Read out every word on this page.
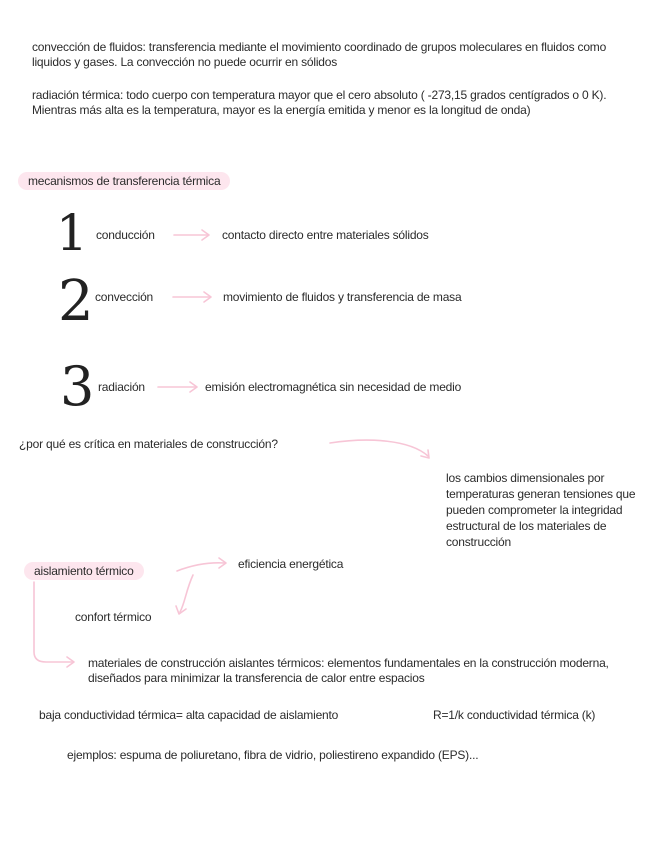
convección de fluidos: transferencia mediante el movimiento coordinado de grupos moleculares en fluidos como liquidos y gases. La convección no puede ocurrir en sólidos
radiación térmica: todo cuerpo con temperatura mayor que el cero absoluto ( -273,15 grados centígrados o 0 K). Mientras más alta es la temperatura, mayor es la energía emitida y menor es la longitud de onda)
mecanismos de transferencia térmica
1 conducción	contacto directo entre materiales sólidos
2 convección	movimiento de fluidos y transferencia de masa
3 radiación	emisión electromagnética sin necesidad de medio
¿por qué es crítica en materiales de construcción?
los cambios dimensionales por temperaturas generan tensiones que pueden comprometer la integridad estructural de los materiales de construcción
aislamiento térmico	eficiencia energética
confort térmico
materiales de construcción aislantes térmicos: elementos fundamentales en la construcción moderna, diseñados para minimizar la transferencia de calor entre espacios
baja conductividad térmica= alta capacidad de aislamiento	R=1/k conductividad térmica (k)
ejemplos: espuma de poliuretano, fibra de vidrio, poliestireno expandido (EPS)...
